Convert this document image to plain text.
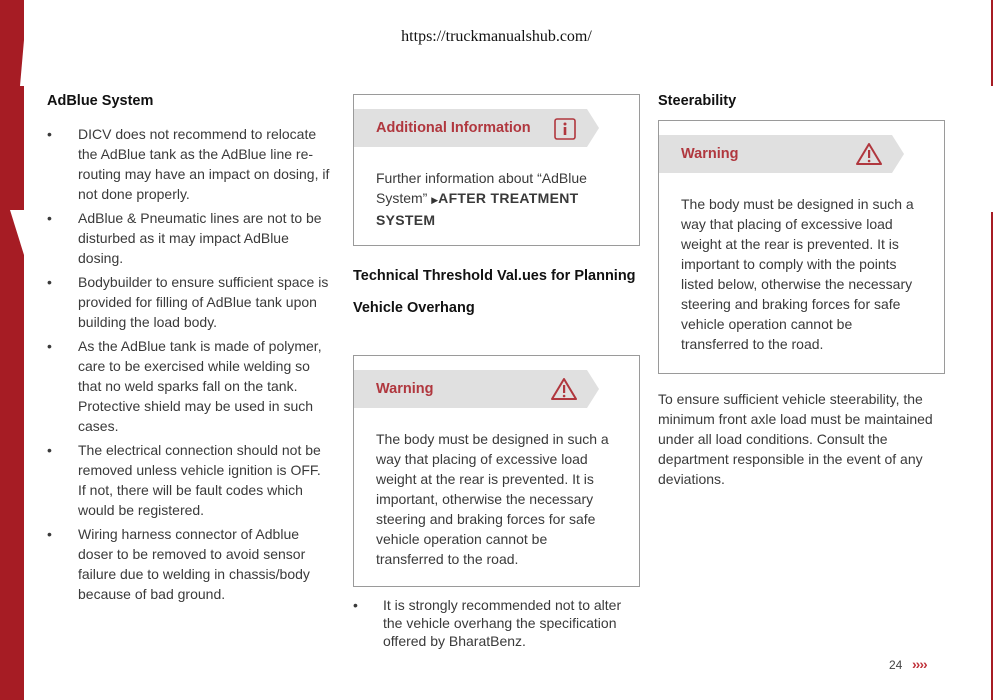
https://truckmanualshub.com/
AdBlue System
• DICV does not recommend to relocate the AdBlue tank as the AdBlue line re-routing may have an impact on dosing, if not done properly.
• AdBlue & Pneumatic lines are not to be disturbed as it may impact AdBlue dosing.
• Bodybuilder to ensure sufficient space is provided for filling of AdBlue tank upon building the load body.
• As the AdBlue tank is made of polymer, care to be exercised while welding so that no weld sparks fall on the tank. Protective shield may be used in such cases.
• The electrical connection should not be removed unless vehicle ignition is OFF. If not, there will be fault codes which would be registered.
• Wiring harness connector of Adblue doser to be removed to avoid sensor failure due to welding in chassis/body because of bad ground.
Additional Information
Further information about “AdBlue System” ▶AFTER TREATMENT SYSTEM
Technical Threshold Val.ues for Planning
Vehicle Overhang
Warning
The body must be designed in such a way that placing of excessive load weight at the rear is prevented. It is important, otherwise the necessary steering and braking forces for safe vehicle operation cannot be transferred to the road.
• It is strongly recommended not to alter the vehicle overhang the specification offered by BharatBenz.
Steerability
Warning
The body must be designed in such a way that placing of excessive load weight at the rear is prevented. It is important to comply with the points listed below, otherwise the necessary steering and braking forces for safe vehicle operation cannot be transferred to the road.
To ensure sufficient vehicle steerability, the minimum front axle load must be maintained under all load conditions. Consult the department responsible in the event of any deviations.
24 ››››
